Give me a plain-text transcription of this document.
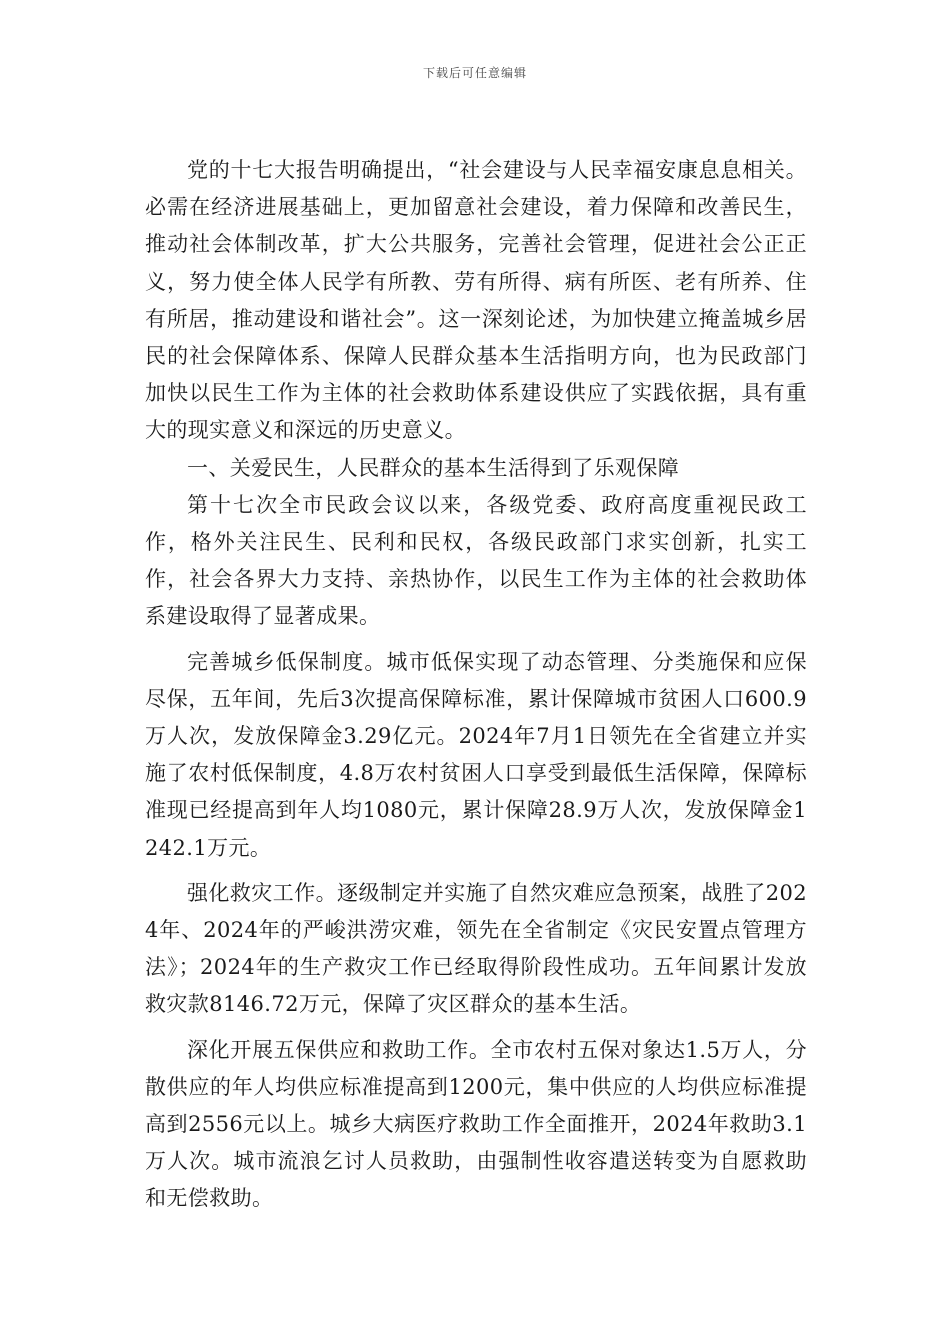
下载后可任意编辑

党的十七大报告明确提出，“社会建设与人民幸福安康息息相关。必需在经济进展基础上，更加留意社会建设，着力保障和改善民生，推动社会体制改革，扩大公共服务，完善社会管理，促进社会公正正义，努力使全体人民学有所教、劳有所得、病有所医、老有所养、住有所居，推动建设和谐社会”。这一深刻论述，为加快建立掩盖城乡居民的社会保障体系、保障人民群众基本生活指明方向，也为民政部门加快以民生工作为主体的社会救助体系建设供应了实践依据，具有重大的现实意义和深远的历史意义。

一、关爱民生，人民群众的基本生活得到了乐观保障

第十七次全市民政会议以来，各级党委、政府高度重视民政工作，格外关注民生、民利和民权，各级民政部门求实创新，扎实工作，社会各界大力支持、亲热协作，以民生工作为主体的社会救助体系建设取得了显著成果。

完善城乡低保制度。城市低保实现了动态管理、分类施保和应保尽保，五年间，先后3次提高保障标准，累计保障城市贫困人口600.9万人次，发放保障金3.29亿元。2024年7月1日领先在全省建立并实施了农村低保制度，4.8万农村贫困人口享受到最低生活保障，保障标准现已经提高到年人均1080元，累计保障28.9万人次，发放保障金1242.1万元。

强化救灾工作。逐级制定并实施了自然灾难应急预案，战胜了2024年、2024年的严峻洪涝灾难，领先在全省制定《灾民安置点管理方法》；2024年的生产救灾工作已经取得阶段性成功。五年间累计发放救灾款8146.72万元，保障了灾区群众的基本生活。

深化开展五保供应和救助工作。全市农村五保对象达1.5万人，分散供应的年人均供应标准提高到1200元，集中供应的人均供应标准提高到2556元以上。城乡大病医疗救助工作全面推开，2024年救助3.1万人次。城市流浪乞讨人员救助，由强制性收容遣送转变为自愿救助和无偿救助。
